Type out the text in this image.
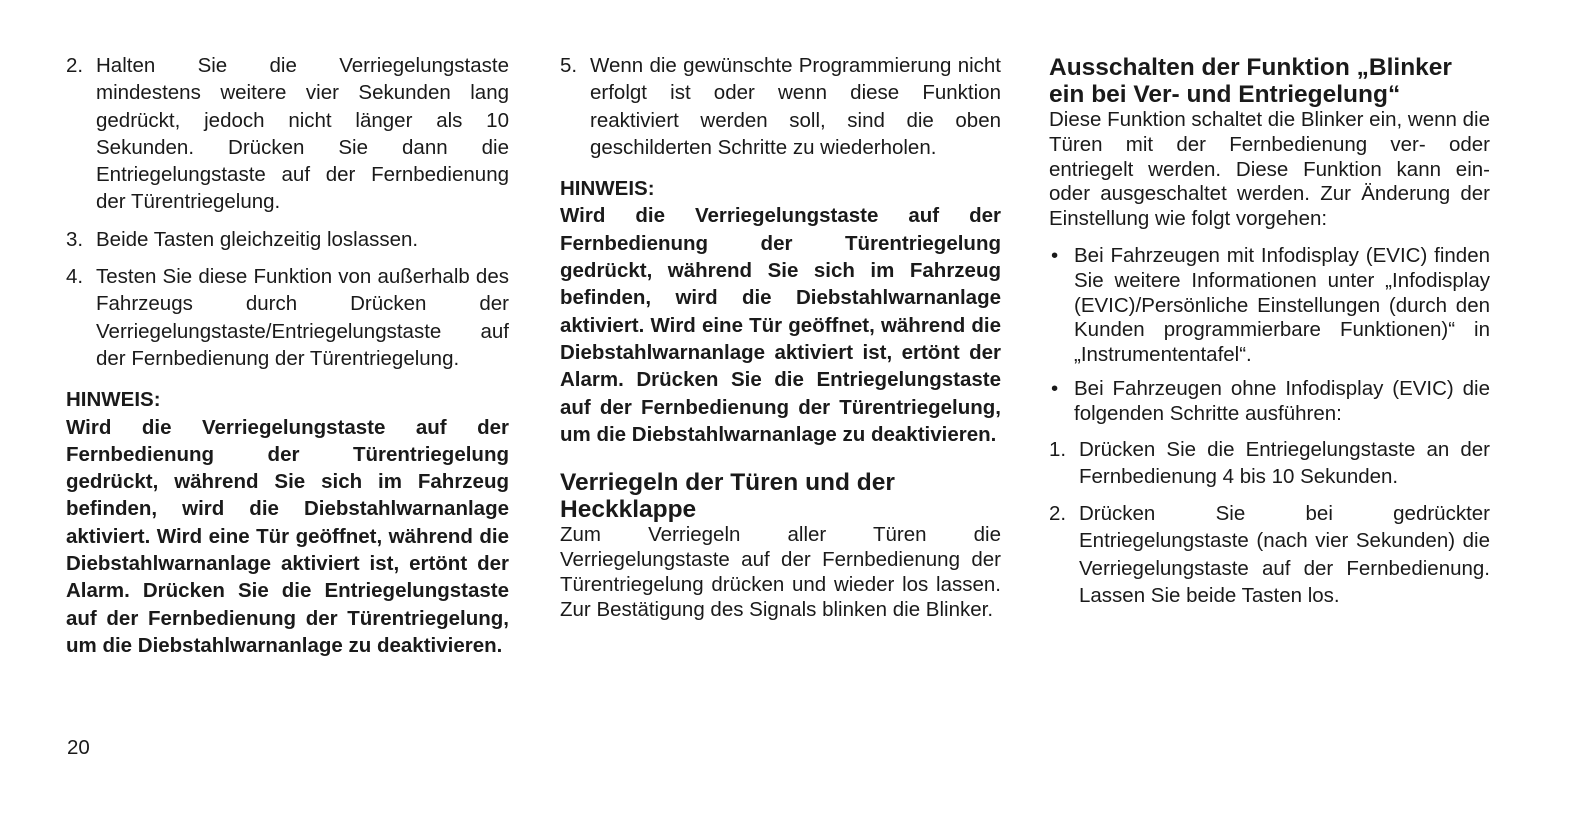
2. Halten Sie die Verriegelungstaste mindestens weitere vier Sekunden lang gedrückt, jedoch nicht länger als 10 Sekunden. Drücken Sie dann die Entriegelungstaste auf der Fernbedienung der Türentriegelung.
3. Beide Tasten gleichzeitig loslassen.
4. Testen Sie diese Funktion von außerhalb des Fahrzeugs durch Drücken der Verriegelungstaste/Entriegelungstaste auf der Fernbedienung der Türentriegelung.
HINWEIS:
Wird die Verriegelungstaste auf der Fernbedienung der Türentriegelung gedrückt, während Sie sich im Fahrzeug befinden, wird die Diebstahlwarnanlage aktiviert. Wird eine Tür geöffnet, während die Diebstahlwarnanlage aktiviert ist, ertönt der Alarm. Drücken Sie die Entriegelungstaste auf der Fernbedienung der Türentriegelung, um die Diebstahlwarnanlage zu deaktivieren.
5. Wenn die gewünschte Programmierung nicht erfolgt ist oder wenn diese Funktion reaktiviert werden soll, sind die oben geschilderten Schritte zu wiederholen.
HINWEIS:
Wird die Verriegelungstaste auf der Fernbedienung der Türentriegelung gedrückt, während Sie sich im Fahrzeug befinden, wird die Diebstahlwarnanlage aktiviert. Wird eine Tür geöffnet, während die Diebstahlwarnanlage aktiviert ist, ertönt der Alarm. Drücken Sie die Entriegelungstaste auf der Fernbedienung der Türentriegelung, um die Diebstahlwarnanlage zu deaktivieren.
Verriegeln der Türen und der Heckklappe
Zum Verriegeln aller Türen die Verriegelungstaste auf der Fernbedienung der Türentriegelung drücken und wieder los lassen. Zur Bestätigung des Signals blinken die Blinker.
Ausschalten der Funktion „Blinker ein bei Ver- und Entriegelung“
Diese Funktion schaltet die Blinker ein, wenn die Türen mit der Fernbedienung ver- oder entriegelt werden. Diese Funktion kann ein- oder ausgeschaltet werden. Zur Änderung der Einstellung wie folgt vorgehen:
• Bei Fahrzeugen mit Infodisplay (EVIC) finden Sie weitere Informationen unter „Infodisplay (EVIC)/Persönliche Einstellungen (durch den Kunden programmierbare Funktionen)“ in „Instrumententafel“.
• Bei Fahrzeugen ohne Infodisplay (EVIC) die folgenden Schritte ausführen:
1. Drücken Sie die Entriegelungstaste an der Fernbedienung 4 bis 10 Sekunden.
2. Drücken Sie bei gedrückter Entriegelungstaste (nach vier Sekunden) die Verriegelungstaste auf der Fernbedienung. Lassen Sie beide Tasten los.
20
